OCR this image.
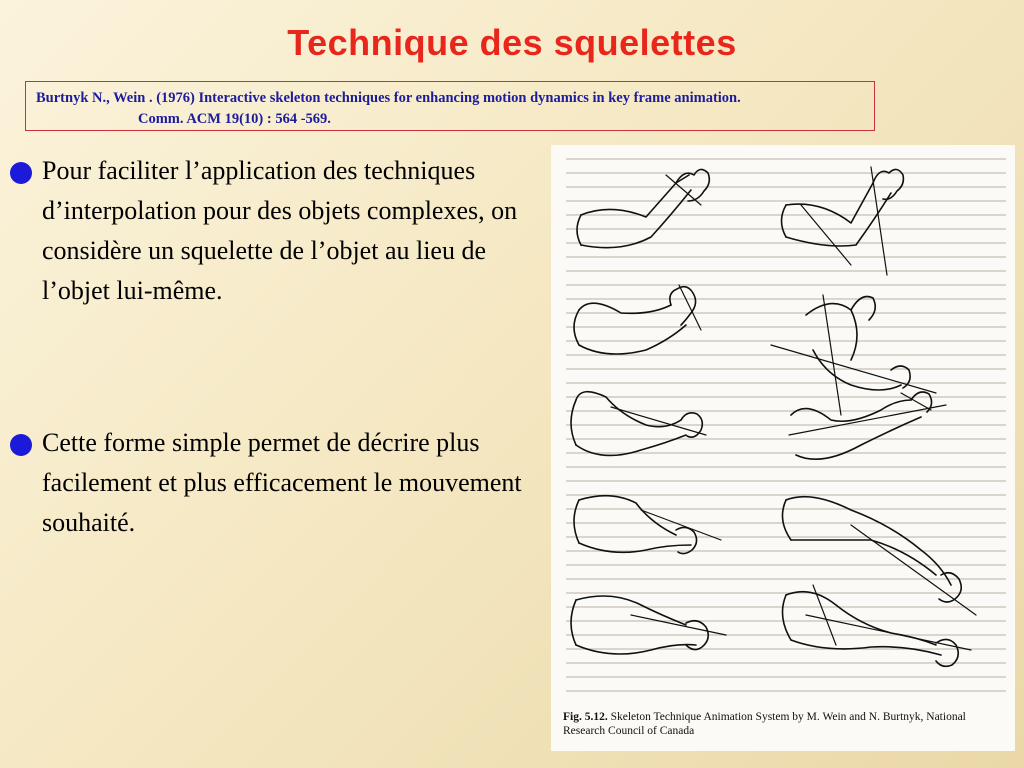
Technique des squelettes
Burtnyk N., Wein . (1976) Interactive skeleton techniques for enhancing motion dynamics in key frame animation.
Comm. ACM 19(10) : 564 -569.
Pour faciliter l’application des techniques d’interpolation pour des objets complexes, on considère un squelette de l’objet au lieu de l’objet lui-même.
Cette forme simple permet de décrire plus facilement et plus efficacement le mouvement souhaité.
Fig. 5.12. Skeleton Technique Animation System by M. Wein and N. Burtnyk, National Research Council of Canada
